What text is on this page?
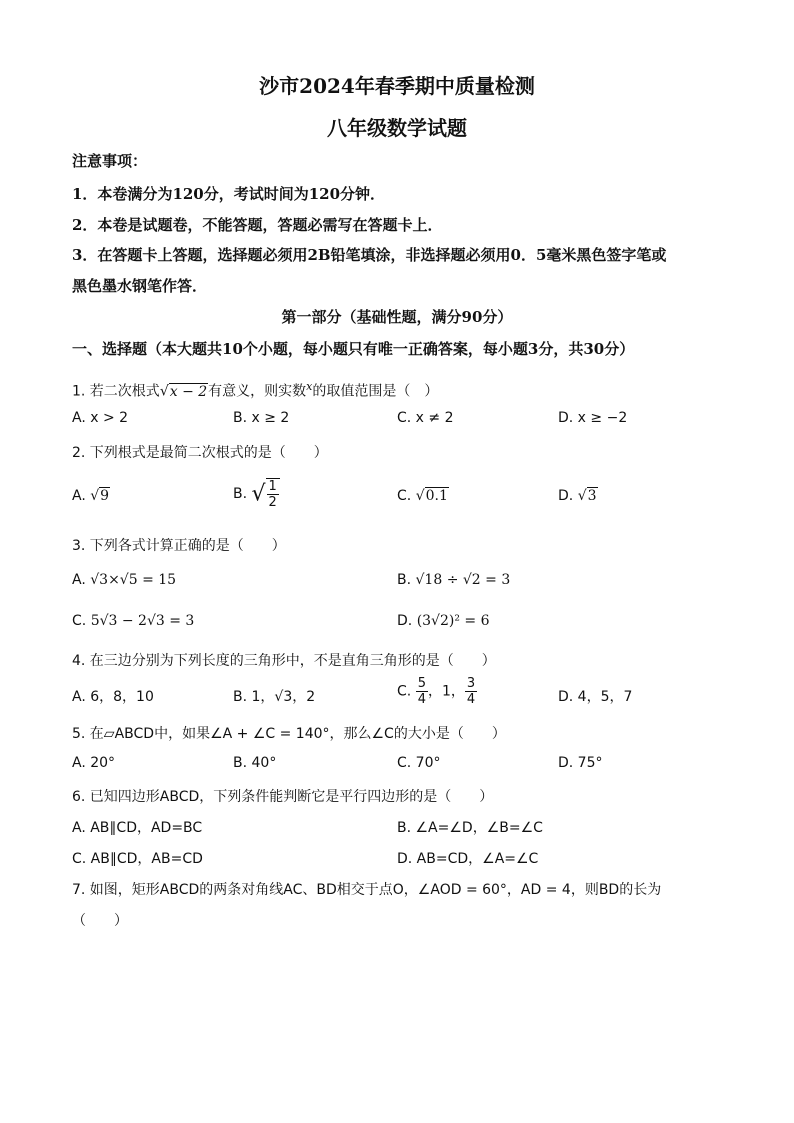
沙市2024年春季期中质量检测
八年级数学试题
注意事项：
1．本卷满分为120分，考试时间为120分钟．
2．本卷是试题卷，不能答题，答题必需写在答题卡上．
3．在答题卡上答题，选择题必须用2B铅笔填涂，非选择题必须用0．5毫米黑色签字笔或
黑色墨水钢笔作答．
第一部分（基础性题，满分90分）
一、选择题（本大题共10个小题，每小题只有唯一正确答案，每小题3分，共30分）
1. 若二次根式√x − 2有意义，则实数$^x$的取值范围是（　）
A. x > 2	B. x ≥ 2	C. x ≠ 2	D. x ≥ −2
2. 下列根式是最简二次根式的是（　　）
A. √9	B. √ $\frac{1}{2}$	C. √0.1	D. √3
3. 下列各式计算正确的是（　　）
A. √3×√5 = 15	B. √18 ÷ √2 = 3
C. 5√3 − 2√3 = 3	D. (3√2)² = 6
4. 在三边分别为下列长度的三角形中，不是直角三角形的是（　　）
A. 6，8，10	B. 1，√3，2	C. $\frac{5}{4}$ ，1， $\frac{3}{4}$	D. 4，5，7
5. 在▱ABCD中，如果∠A + ∠C = 140°，那么∠C的大小是（　　）
A. 20°	B. 40°	C. 70°	D. 75°
6. 已知四边形ABCD，下列条件能判断它是平行四边形的是（　　）
A. AB∥CD，AD=BC	B. ∠A=∠D，∠B=∠C
C. AB∥CD，AB=CD	D. AB=CD，∠A=∠C
7. 如图，矩形ABCD的两条对角线AC、BD相交于点O，∠AOD = 60°，AD = 4，则BD的长为
（　　）
